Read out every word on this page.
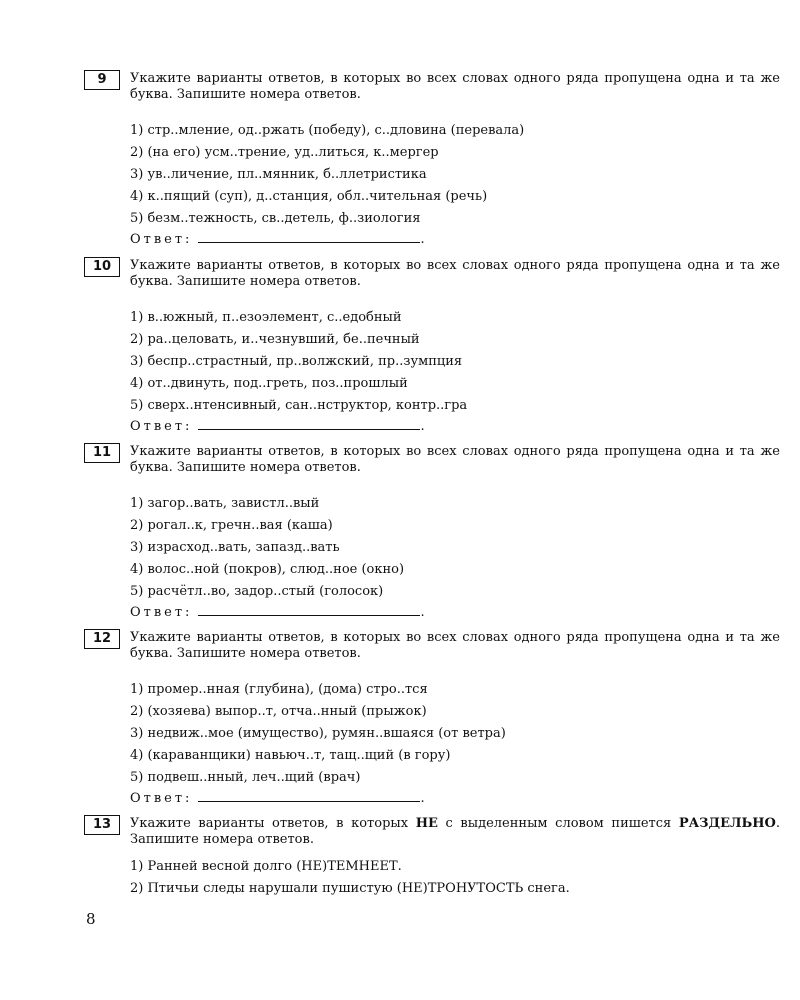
9	Укажите варианты ответов, в которых во всех словах одного ряда пропущена одна и та же буква. Запишите номера ответов.
1) стр..мление, од..ржать (победу), с..дловина (перевала)
2) (на его) усм..трение, уд..литься, к..мергер
3) ув..личение, пл..мянник, б..ллетристика
4) к..пящий (суп), д..станция, обл..чительная (речь)
5) безм..тежность, св..детель, ф..зиология
Ответ:	.
10	Укажите варианты ответов, в которых во всех словах одного ряда пропущена одна и та же буква. Запишите номера ответов.
1) в..южный, п..езоэлемент, с..едобный
2) ра..целовать, и..чезнувший, бе..печный
3) беспр..страстный, пр..волжский, пр..зумпция
4) от..двинуть, под..греть, поз..прошлый
5) сверх..нтенсивный, сан..нструктор, контр..гра
Ответ:	.
11	Укажите варианты ответов, в которых во всех словах одного ряда пропущена одна и та же буква. Запишите номера ответов.
1) загор..вать, завистл..вый
2) рогал..к, гречн..вая (каша)
3) израсход..вать, запазд..вать
4) волос..ной (покров), слюд..ное (окно)
5) расчётл..во, задор..стый (голосок)
Ответ:	.
12	Укажите варианты ответов, в которых во всех словах одного ряда пропущена одна и та же буква. Запишите номера ответов.
1) промер..нная (глубина), (дома) стро..тся
2) (хозяева) выпор..т, отча..нный (прыжок)
3) недвиж..мое (имущество), румян..вшаяся (от ветра)
4) (караванщики) навьюч..т, тащ..щий (в гору)
5) подвеш..нный, леч..щий (врач)
Ответ:	.
13	Укажите варианты ответов, в которых НЕ с выделенным словом пишется РАЗДЕЛЬНО. Запишите номера ответов.
1) Ранней весной долго (НЕ)ТЕМНЕЕТ.
2) Птичьи следы нарушали пушистую (НЕ)ТРОНУТОСТЬ снега.
8
